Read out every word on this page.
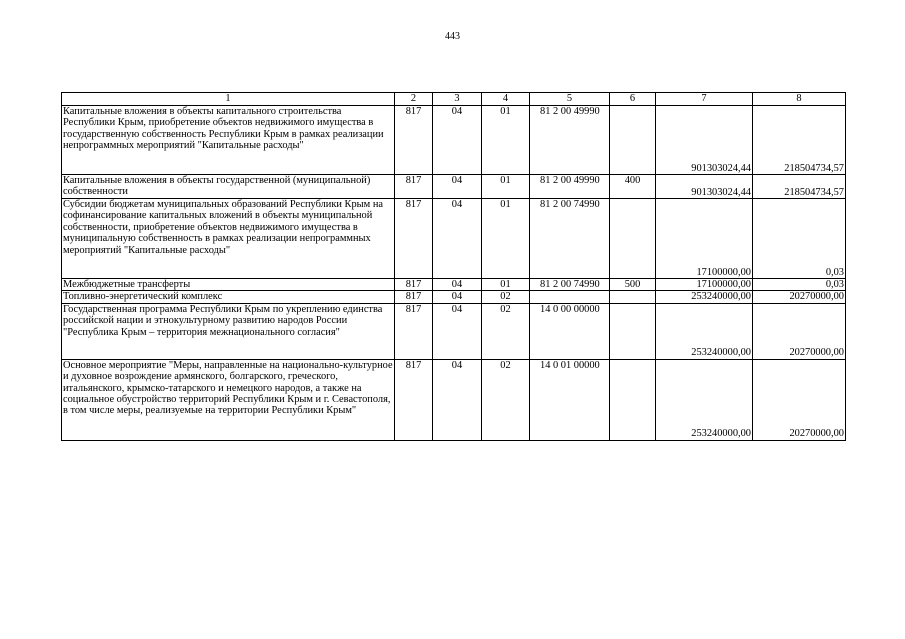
443
1	2	3	4	5	6	7	8
Капитальные вложения в объекты капитального строительства Республики Крым, приобретение объектов недвижимого имущества в государственную собственность Республики Крым в рамках реализации непрограммных мероприятий "Капитальные расходы"	817	04	01	81 2 00 49990		901303024,44	218504734,57
Капитальные вложения в объекты государственной (муниципальной) собственности	817	04	01	81 2 00 49990	400	901303024,44	218504734,57
Субсидии бюджетам муниципальных образований Республики Крым на софинансирование капитальных вложений в объекты муниципальной собственности, приобретение объектов недвижимого имущества в муниципальную собственность в рамках реализации непрограммных мероприятий "Капитальные расходы"	817	04	01	81 2 00 74990		17100000,00	0,03
Межбюджетные трансферты	817	04	01	81 2 00 74990	500	17100000,00	0,03
Топливно-энергетический комплекс	817	04	02			253240000,00	20270000,00
Государственная программа Республики Крым по укреплению единства российской нации и этнокультурному развитию народов России "Республика Крым – территория межнационального согласия"	817	04	02	14 0 00 00000		253240000,00	20270000,00
Основное мероприятие "Меры, направленные на национально-культурное и духовное возрождение армянского, болгарского, греческого, итальянского, крымско-татарского и немецкого народов, а также на социальное обустройство территорий Республики Крым и г. Севастополя, в том числе меры, реализуемые на территории Республики Крым"	817	04	02	14 0 01 00000		253240000,00	20270000,00
